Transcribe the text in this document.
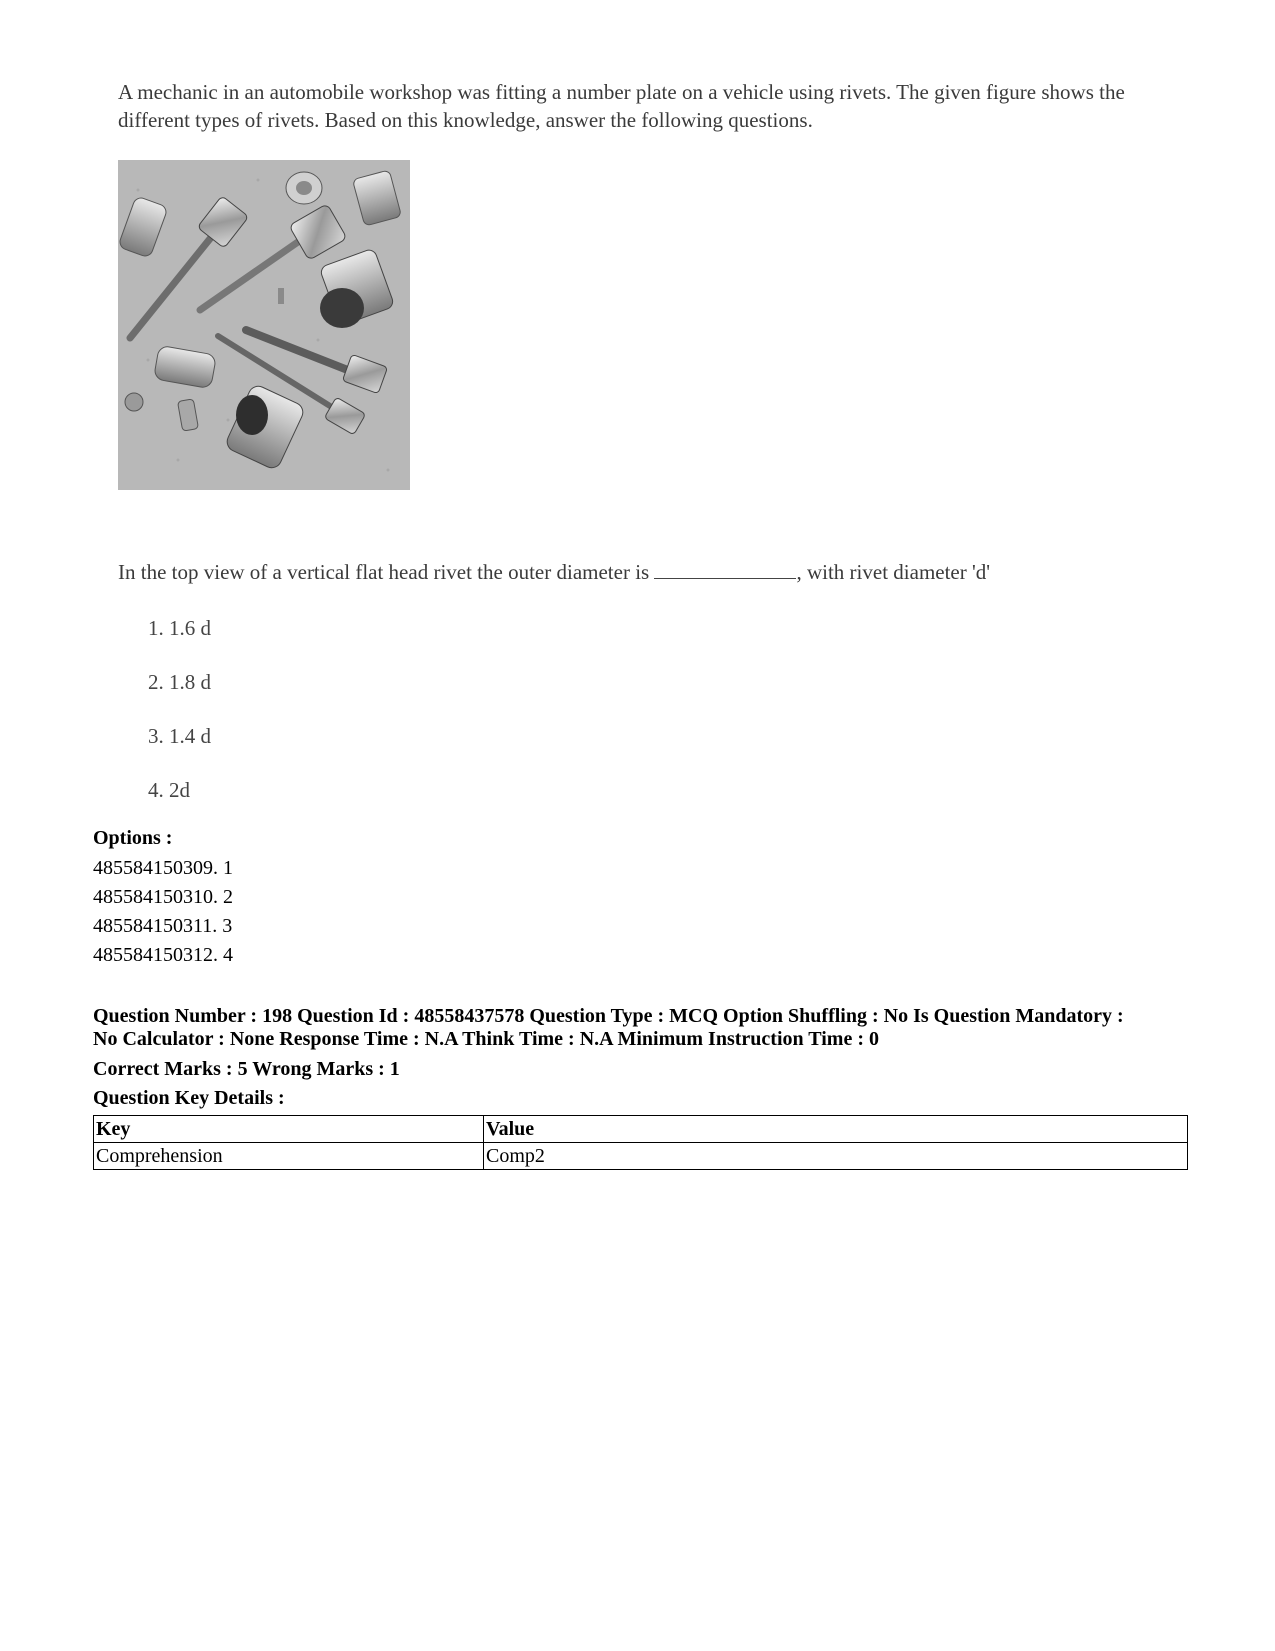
A mechanic in an automobile workshop was fitting a number plate on a vehicle using rivets. The given figure shows the different types of rivets. Based on this knowledge, answer the following questions.
In the top view of a vertical flat head rivet the outer diameter is	, with rivet diameter 'd'
1. 1.6 d
2. 1.8 d
3. 1.4 d
4. 2d
Options :
485584150309. 1
485584150310. 2
485584150311. 3
485584150312. 4
Question Number : 198 Question Id : 48558437578 Question Type : MCQ Option Shuffling : No Is Question Mandatory :
No Calculator : None Response Time : N.A Think Time : N.A Minimum Instruction Time : 0
Correct Marks : 5 Wrong Marks : 1
Question Key Details :
Key	Value
Comprehension	Comp2
